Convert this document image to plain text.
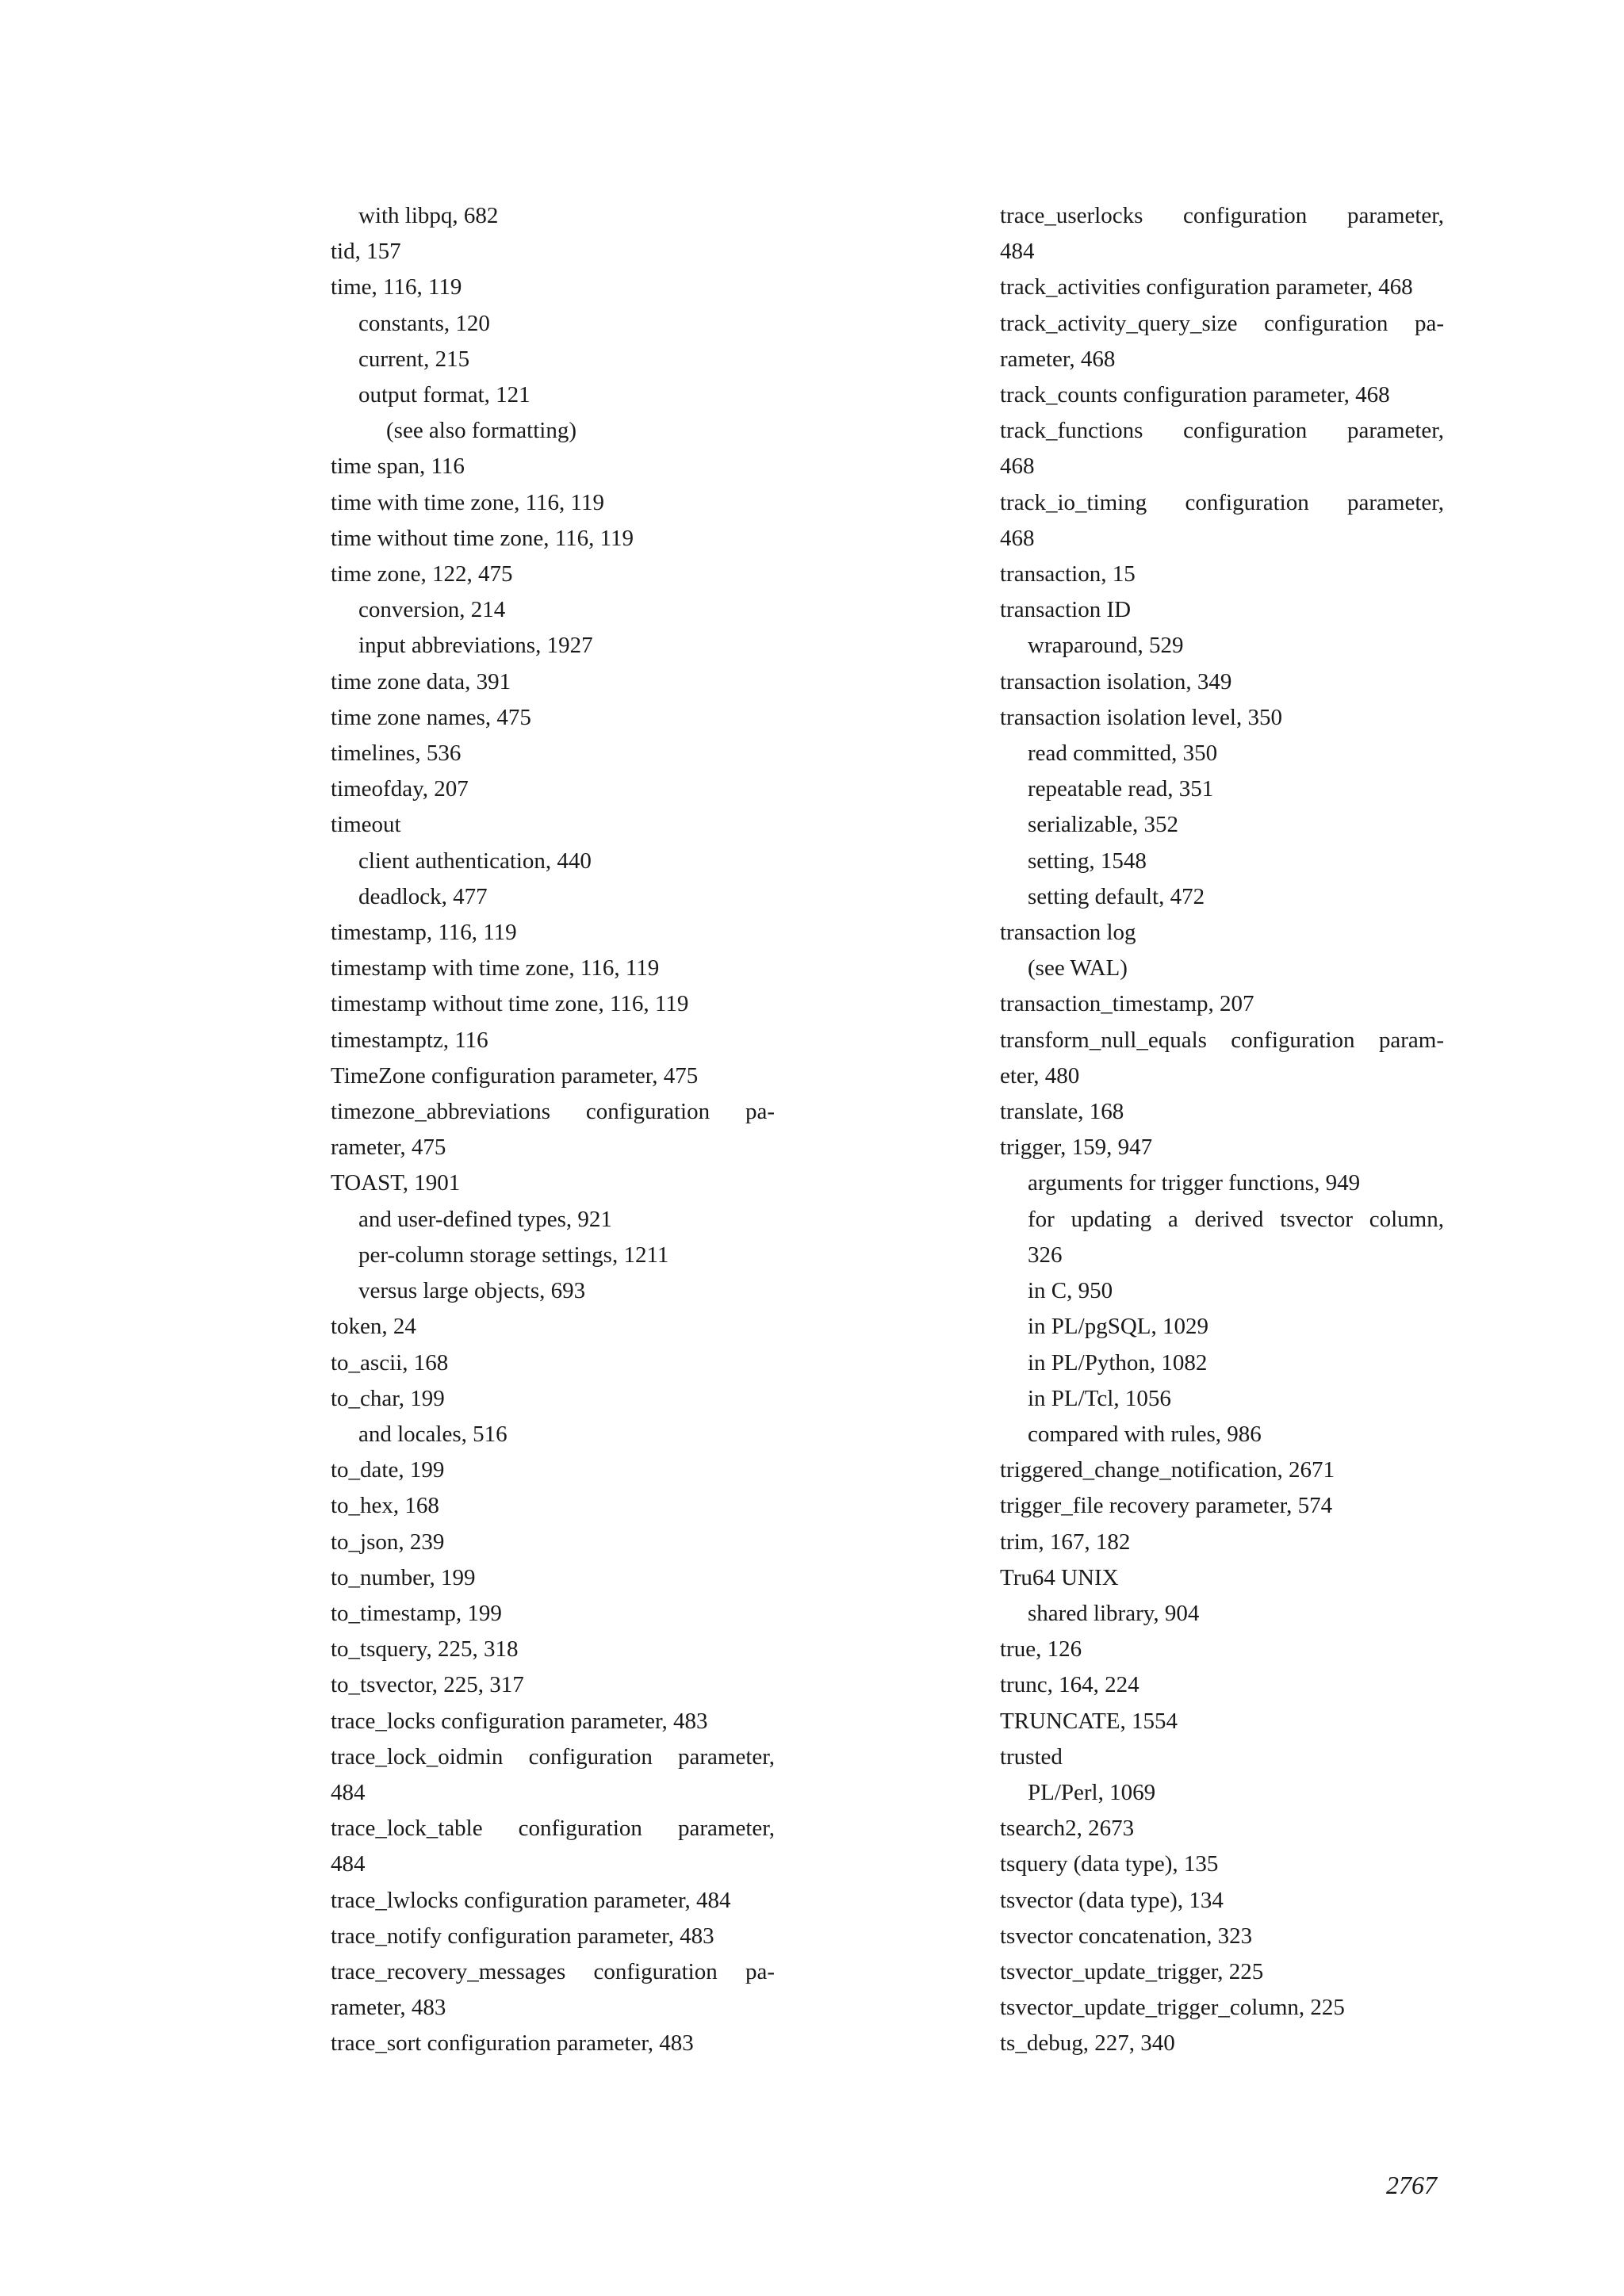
with libpq, 682
tid, 157
time, 116, 119
constants, 120
current, 215
output format, 121
(see also formatting)
time span, 116
time with time zone, 116, 119
time without time zone, 116, 119
time zone, 122, 475
conversion, 214
input abbreviations, 1927
time zone data, 391
time zone names, 475
timelines, 536
timeofday, 207
timeout
client authentication, 440
deadlock, 477
timestamp, 116, 119
timestamp with time zone, 116, 119
timestamp without time zone, 116, 119
timestamptz, 116
TimeZone configuration parameter, 475
timezone_abbreviations configuration pa-
rameter, 475
TOAST, 1901
and user-defined types, 921
per-column storage settings, 1211
versus large objects, 693
token, 24
to_ascii, 168
to_char, 199
and locales, 516
to_date, 199
to_hex, 168
to_json, 239
to_number, 199
to_timestamp, 199
to_tsquery, 225, 318
to_tsvector, 225, 317
trace_locks configuration parameter, 483
trace_lock_oidmin configuration parameter,
484
trace_lock_table configuration parameter,
484
trace_lwlocks configuration parameter, 484
trace_notify configuration parameter, 483
trace_recovery_messages configuration pa-
rameter, 483
trace_sort configuration parameter, 483
trace_userlocks configuration parameter,
484
track_activities configuration parameter, 468
track_activity_query_size configuration pa-
rameter, 468
track_counts configuration parameter, 468
track_functions configuration parameter,
468
track_io_timing configuration parameter,
468
transaction, 15
transaction ID
wraparound, 529
transaction isolation, 349
transaction isolation level, 350
read committed, 350
repeatable read, 351
serializable, 352
setting, 1548
setting default, 472
transaction log
(see WAL)
transaction_timestamp, 207
transform_null_equals configuration param-
eter, 480
translate, 168
trigger, 159, 947
arguments for trigger functions, 949
for updating a derived tsvector column,
326
in C, 950
in PL/pgSQL, 1029
in PL/Python, 1082
in PL/Tcl, 1056
compared with rules, 986
triggered_change_notification, 2671
trigger_file recovery parameter, 574
trim, 167, 182
Tru64 UNIX
shared library, 904
true, 126
trunc, 164, 224
TRUNCATE, 1554
trusted
PL/Perl, 1069
tsearch2, 2673
tsquery (data type), 135
tsvector (data type), 134
tsvector concatenation, 323
tsvector_update_trigger, 225
tsvector_update_trigger_column, 225
ts_debug, 227, 340
2767
